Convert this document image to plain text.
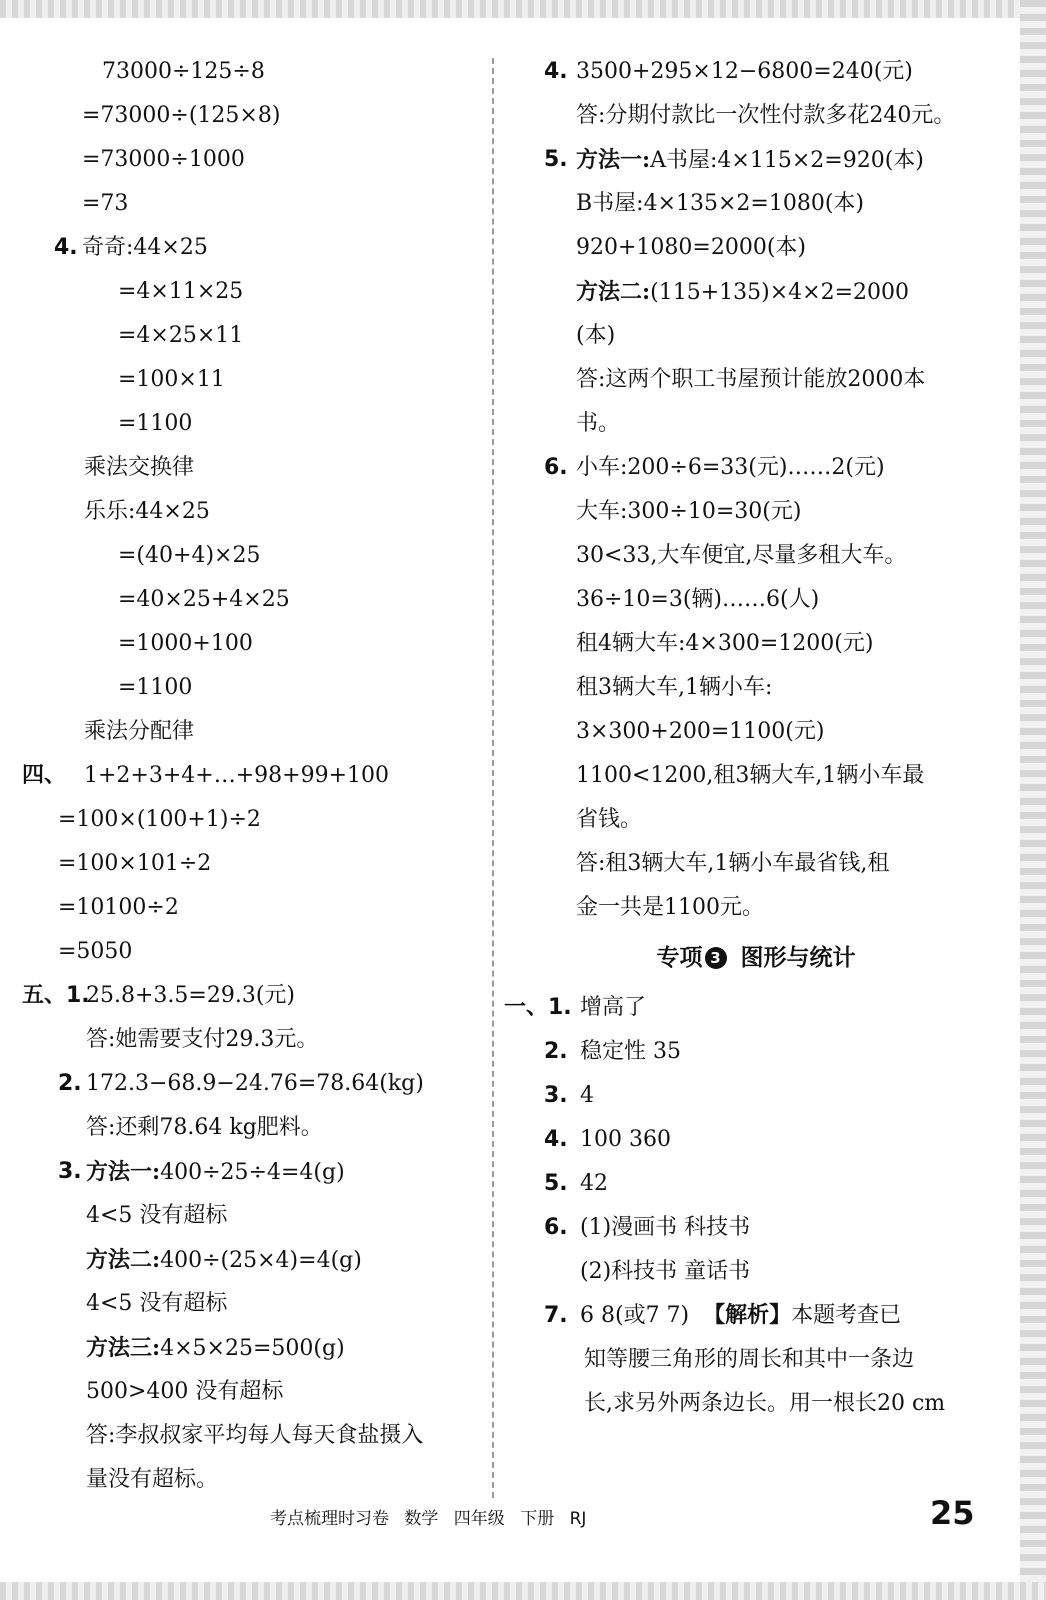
73000÷125÷8
=73000÷(125×8)
=73000÷1000
=73
4. 奇奇:44×25
=4×11×25
=4×25×11
=100×11
=1100
乘法交换律
乐乐:44×25
=(40+4)×25
=40×25+4×25
=1000+100
=1100
乘法分配律
四、 1+2+3+4+…+98+99+100
=100×(100+1)÷2
=100×101÷2
=10100÷2
=5050
五、1.
25.8+3.5=29.3(元)
答:她需要支付29.3元。
2. 172.3−68.9−24.76=78.64(kg)
答:还剩78.64 kg肥料。
3. 方法一:400÷25÷4=4(g)
4<5 没有超标
方法二:400÷(25×4)=4(g)
4<5 没有超标
方法三:4×5×25=500(g)
500>400 没有超标
答:李叔叔家平均每人每天食盐摄入
量没有超标。
4. 3500+295×12−6800=240(元)
答:分期付款比一次性付款多花240元。
5. 方法一:A书屋:4×115×2=920(本)
B书屋:4×135×2=1080(本)
920+1080=2000(本)
方法二:(115+135)×4×2=2000
(本)
答:这两个职工书屋预计能放2000本
书。
6. 小车:200÷6=33(元)……2(元)
大车:300÷10=30(元)
30<33,大车便宜,尽量多租大车。
36÷10=3(辆)……6(人)
租4辆大车:4×300=1200(元)
租3辆大车,1辆小车:
3×300+200=1100(元)
1100<1200,租3辆大车,1辆小车最
省钱。
答:租3辆大车,1辆小车最省钱,租
金一共是1100元。
专项 3 图形与统计
一、1. 增高了
2. 稳定性 35
3. 4
4. 100 360
5. 42
6. (1)漫画书 科技书
(2)科技书 童话书
7. 6 8(或7 7) 【解析】本题考查已
知等腰三角形的周长和其中一条边
长,求另外两条边长。用一根长20 cm
考点梳理时习卷 数学 四年级 下册 RJ	25
